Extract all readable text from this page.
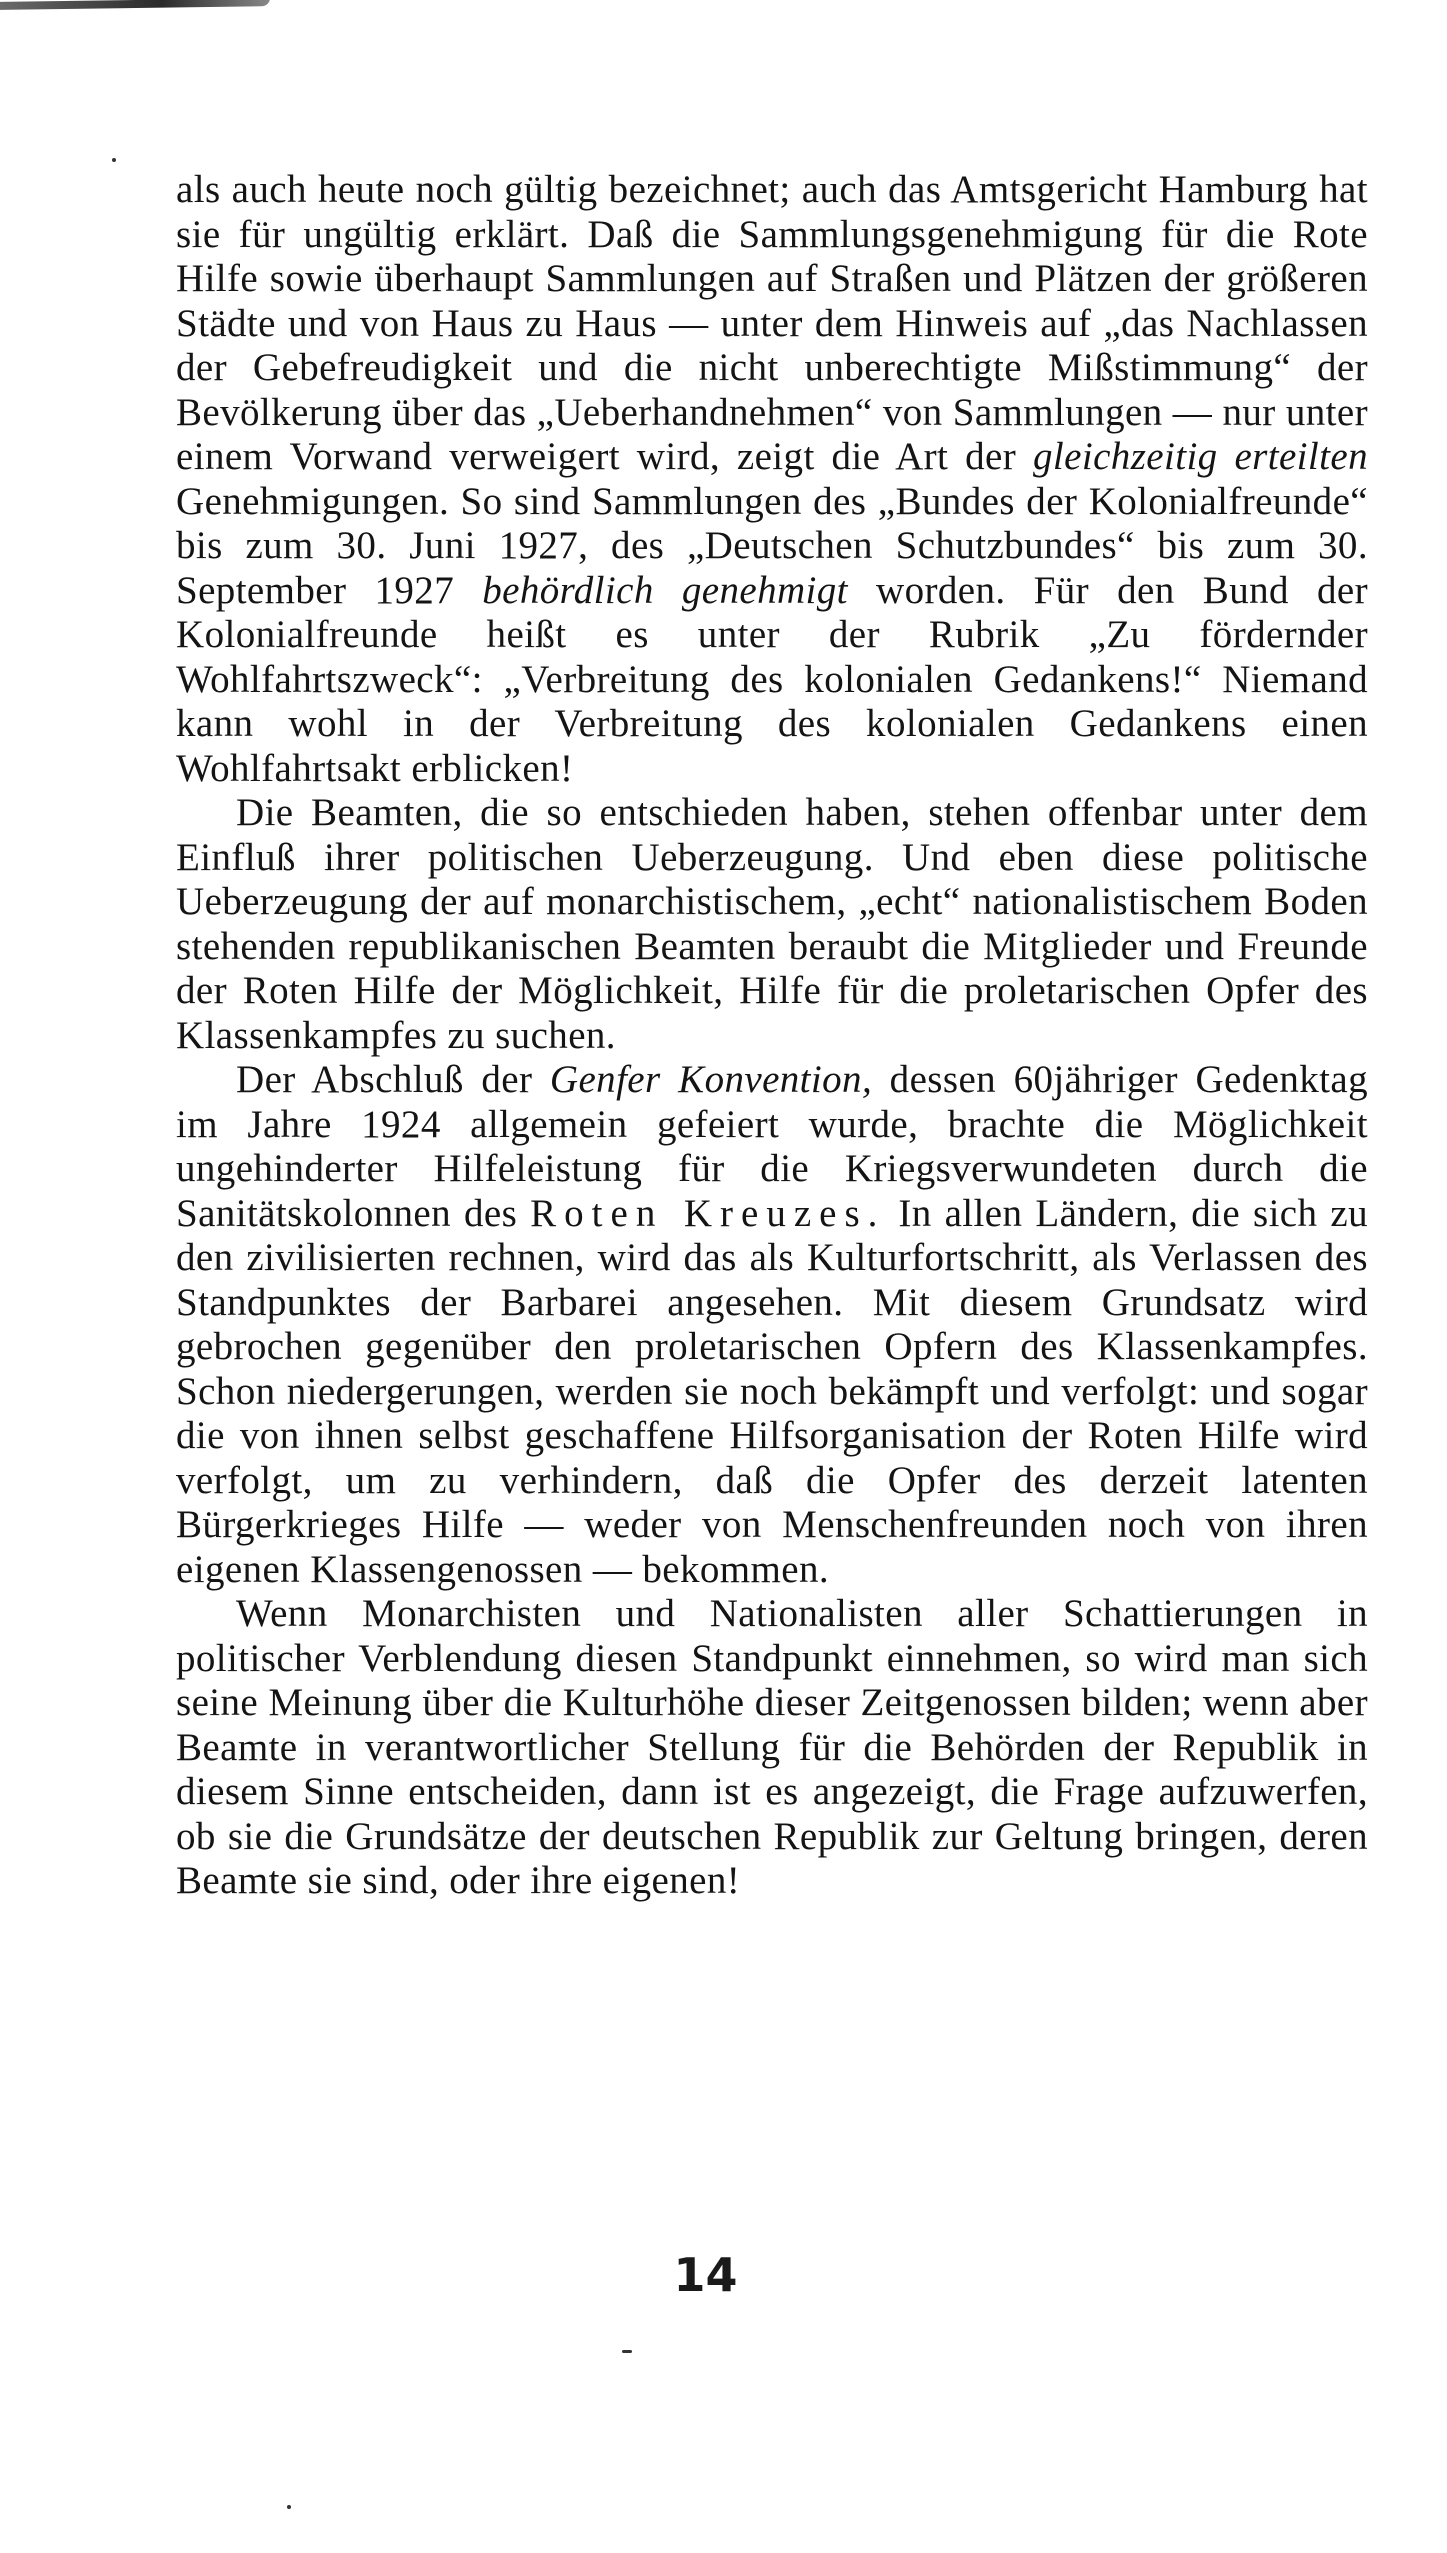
als auch heute noch gültig bezeichnet; auch das Amtsgericht Hamburg hat sie für ungültig erklärt. Daß die Sammlungsgenehmigung für die Rote Hilfe sowie überhaupt Sammlungen auf Straßen und Plätzen der größeren Städte und von Haus zu Haus — unter dem Hinweis auf „das Nachlassen der Gebefreudigkeit und die nicht unberechtigte Mißstimmung“ der Bevölkerung über das „Ueberhandnehmen“ von Sammlungen — nur unter einem Vorwand verweigert wird, zeigt die Art der gleichzeitig erteilten Genehmigungen. So sind Sammlungen des „Bundes der Kolonialfreunde“ bis zum 30. Juni 1927, des „Deutschen Schutzbundes“ bis zum 30. September 1927 behördlich genehmigt worden. Für den Bund der Kolonialfreunde heißt es unter der Rubrik „Zu fördernder Wohlfahrtszweck“: „Verbreitung des kolonialen Gedankens!“ Niemand kann wohl in der Verbreitung des kolonialen Gedankens einen Wohlfahrtsakt erblicken!

Die Beamten, die so entschieden haben, stehen offenbar unter dem Einfluß ihrer politischen Ueberzeugung. Und eben diese politische Ueberzeugung der auf monarchistischem, „echt“ nationalistischem Boden stehenden republikanischen Beamten beraubt die Mitglieder und Freunde der Roten Hilfe der Möglichkeit, Hilfe für die proletarischen Opfer des Klassenkampfes zu suchen.

Der Abschluß der Genfer Konvention, dessen 60jähriger Gedenktag im Jahre 1924 allgemein gefeiert wurde, brachte die Möglichkeit ungehinderter Hilfeleistung für die Kriegsverwundeten durch die Sanitätskolonnen des Roten Kreuzes. In allen Ländern, die sich zu den zivilisierten rechnen, wird das als Kulturfortschritt, als Verlassen des Standpunktes der Barbarei angesehen. Mit diesem Grundsatz wird gebrochen gegenüber den proletarischen Opfern des Klassenkampfes. Schon niedergerungen, werden sie noch bekämpft und verfolgt: und sogar die von ihnen selbst geschaffene Hilfsorganisation der Roten Hilfe wird verfolgt, um zu verhindern, daß die Opfer des derzeit latenten Bürgerkrieges Hilfe — weder von Menschenfreunden noch von ihren eigenen Klassengenossen — bekommen.

Wenn Monarchisten und Nationalisten aller Schattierungen in politischer Verblendung diesen Standpunkt einnehmen, so wird man sich seine Meinung über die Kulturhöhe dieser Zeitgenossen bilden; wenn aber Beamte in verantwortlicher Stellung für die Behörden der Republik in diesem Sinne entscheiden, dann ist es angezeigt, die Frage aufzuwerfen, ob sie die Grundsätze der deutschen Republik zur Geltung bringen, deren Beamte sie sind, oder ihre eigenen!

14
